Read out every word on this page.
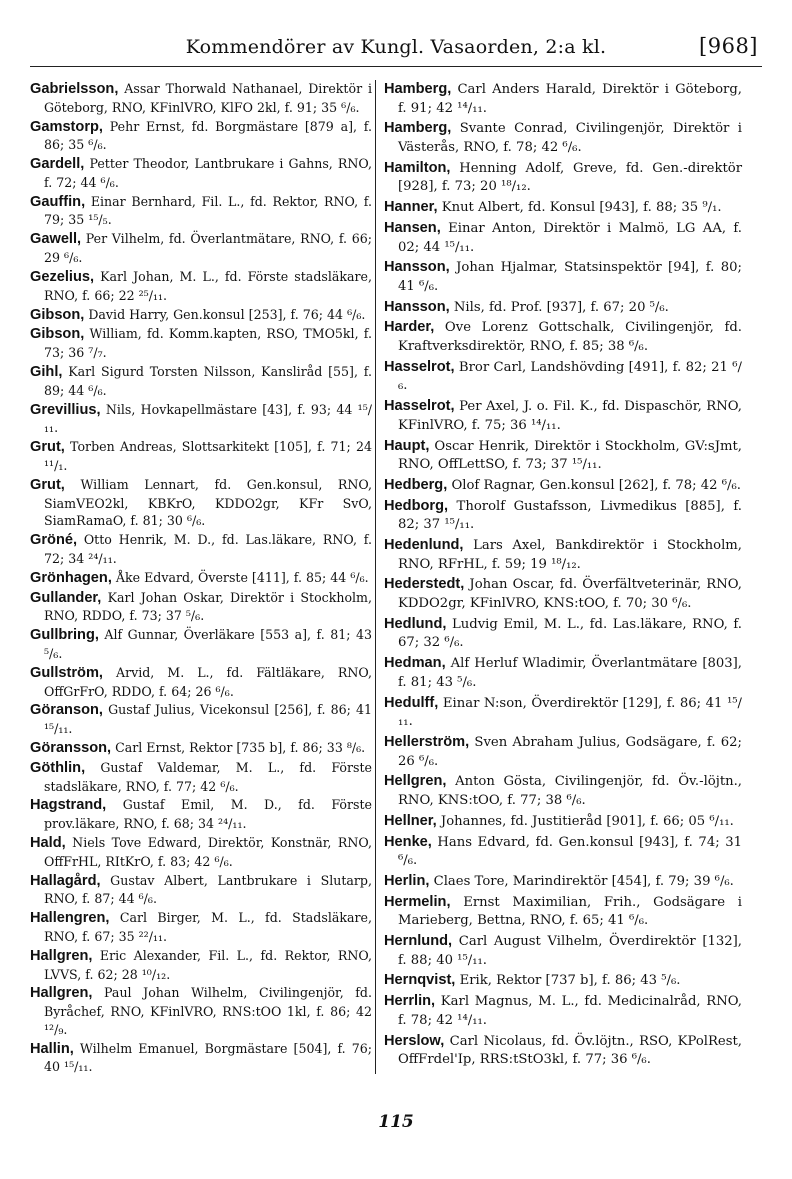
Kommendörer av Kungl. Vasaorden, 2:a kl.	[968]

Gabrielsson, Assar Thorwald Nathanael, Direktör i Göteborg, RNO, KFinlVRO, KlFO 2kl, f. 91; 35 ⁶/₆.

Gamstorp, Pehr Ernst, fd. Borgmästare [879 a], f. 86; 35 ⁶/₆.

Gardell, Petter Theodor, Lantbrukare i Gahns, RNO, f. 72; 44 ⁶/₆.

Gauffin, Einar Bernhard, Fil. L., fd. Rektor, RNO, f. 79; 35 ¹⁵/₅.

Gawell, Per Vilhelm, fd. Överlantmätare, RNO, f. 66; 29 ⁶/₆.

Gezelius, Karl Johan, M. L., fd. Förste stadsläkare, RNO, f. 66; 22 ²⁵/₁₁.

Gibson, David Harry, Gen.konsul [253], f. 76; 44 ⁶/₆.

Gibson, William, fd. Komm.kapten, RSO, TMO5kl, f. 73; 36 ⁷/₇.

Gihl, Karl Sigurd Torsten Nilsson, Kansliråd [55], f. 89; 44 ⁶/₆.

Grevillius, Nils, Hovkapellmästare [43], f. 93; 44 ¹⁵/₁₁.

Grut, Torben Andreas, Slottsarkitekt [105], f. 71; 24 ¹¹/₁.

Grut, William Lennart, fd. Gen.konsul, RNO, SiamVEO2kl, KBKrO, KDDO2gr, KFr SvO, SiamRamaO, f. 81; 30 ⁶/₆.

Gröné, Otto Henrik, M. D., fd. Las.läkare, RNO, f. 72; 34 ²⁴/₁₁.

Grönhagen, Åke Edvard, Överste [411], f. 85; 44 ⁶/₆.

Gullander, Karl Johan Oskar, Direktör i Stockholm, RNO, RDDO, f. 73; 37 ⁵/₆.

Gullbring, Alf Gunnar, Överläkare [553 a], f. 81; 43 ⁵/₆.

Gullström, Arvid, M. L., fd. Fältläkare, RNO, OffGrFrO, RDDO, f. 64; 26 ⁶/₆.

Göranson, Gustaf Julius, Vicekonsul [256], f. 86; 41 ¹⁵/₁₁.

Göransson, Carl Ernst, Rektor [735 b], f. 86; 33 ⁸/₆.

Göthlin, Gustaf Valdemar, M. L., fd. Förste stadsläkare, RNO, f. 77; 42 ⁶/₆.

Hagstrand, Gustaf Emil, M. D., fd. Förste prov.läkare, RNO, f. 68; 34 ²⁴/₁₁.

Hald, Niels Tove Edward, Direktör, Konstnär, RNO, OffFrHL, RItKrO, f. 83; 42 ⁶/₆.

Hallagård, Gustav Albert, Lantbrukare i Slutarp, RNO, f. 87; 44 ⁶/₆.

Hallengren, Carl Birger, M. L., fd. Stadsläkare, RNO, f. 67; 35 ²²/₁₁.

Hallgren, Eric Alexander, Fil. L., fd. Rektor, RNO, LVVS, f. 62; 28 ¹⁰/₁₂.

Hallgren, Paul Johan Wilhelm, Civilingenjör, fd. Byråchef, RNO, KFinlVRO, RNS:tOO 1kl, f. 86; 42 ¹²/₉.

Hallin, Wilhelm Emanuel, Borgmästare [504], f. 76; 40 ¹⁵/₁₁.

Hamberg, Carl Anders Harald, Direktör i Göteborg, f. 91; 42 ¹⁴/₁₁.

Hamberg, Svante Conrad, Civilingenjör, Direktör i Västerås, RNO, f. 78; 42 ⁶/₆.

Hamilton, Henning Adolf, Greve, fd. Gen.-direktör [928], f. 73; 20 ¹⁸/₁₂.

Hanner, Knut Albert, fd. Konsul [943], f. 88; 35 ⁹/₁.

Hansen, Einar Anton, Direktör i Malmö, LG AA, f. 02; 44 ¹⁵/₁₁.

Hansson, Johan Hjalmar, Statsinspektör [94], f. 80; 41 ⁶/₆.

Hansson, Nils, fd. Prof. [937], f. 67; 20 ⁵/₆.

Harder, Ove Lorenz Gottschalk, Civilingenjör, fd. Kraftverksdirektör, RNO, f. 85; 38 ⁶/₆.

Hasselrot, Bror Carl, Landshövding [491], f. 82; 21 ⁶/₆.

Hasselrot, Per Axel, J. o. Fil. K., fd. Dispaschör, RNO, KFinlVRO, f. 75; 36 ¹⁴/₁₁.

Haupt, Oscar Henrik, Direktör i Stockholm, GV:sJmt, RNO, OffLettSO, f. 73; 37 ¹⁵/₁₁.

Hedberg, Olof Ragnar, Gen.konsul [262], f. 78; 42 ⁶/₆.

Hedborg, Thorolf Gustafsson, Livmedikus [885], f. 82; 37 ¹⁵/₁₁.

Hedenlund, Lars Axel, Bankdirektör i Stockholm, RNO, RFrHL, f. 59; 19 ¹⁸/₁₂.

Hederstedt, Johan Oscar, fd. Överfältveterinär, RNO, KDDO2gr, KFinlVRO, KNS:tOO, f. 70; 30 ⁶/₆.

Hedlund, Ludvig Emil, M. L., fd. Las.läkare, RNO, f. 67; 32 ⁶/₆.

Hedman, Alf Herluf Wladimir, Överlantmätare [803], f. 81; 43 ⁵/₆.

Hedulff, Einar N:son, Överdirektör [129], f. 86; 41 ¹⁵/₁₁.

Hellerström, Sven Abraham Julius, Godsägare, f. 62; 26 ⁶/₆.

Hellgren, Anton Gösta, Civilingenjör, fd. Öv.-löjtn., RNO, KNS:tOO, f. 77; 38 ⁶/₆.

Hellner, Johannes, fd. Justitieråd [901], f. 66; 05 ⁶/₁₁.

Henke, Hans Edvard, fd. Gen.konsul [943], f. 74; 31 ⁶/₆.

Herlin, Claes Tore, Marindirektör [454], f. 79; 39 ⁶/₆.

Hermelin, Ernst Maximilian, Frih., Godsägare i Marieberg, Bettna, RNO, f. 65; 41 ⁶/₆.

Hernlund, Carl August Vilhelm, Överdirektör [132], f. 88; 40 ¹⁵/₁₁.

Hernqvist, Erik, Rektor [737 b], f. 86; 43 ⁵/₆.

Herrlin, Karl Magnus, M. L., fd. Medicinalråd, RNO, f. 78; 42 ¹⁴/₁₁.

Herslow, Carl Nicolaus, fd. Öv.löjtn., RSO, KPolRest, OffFrdel'Ip, RRS:tStO3kl, f. 77; 36 ⁶/₆.

115
